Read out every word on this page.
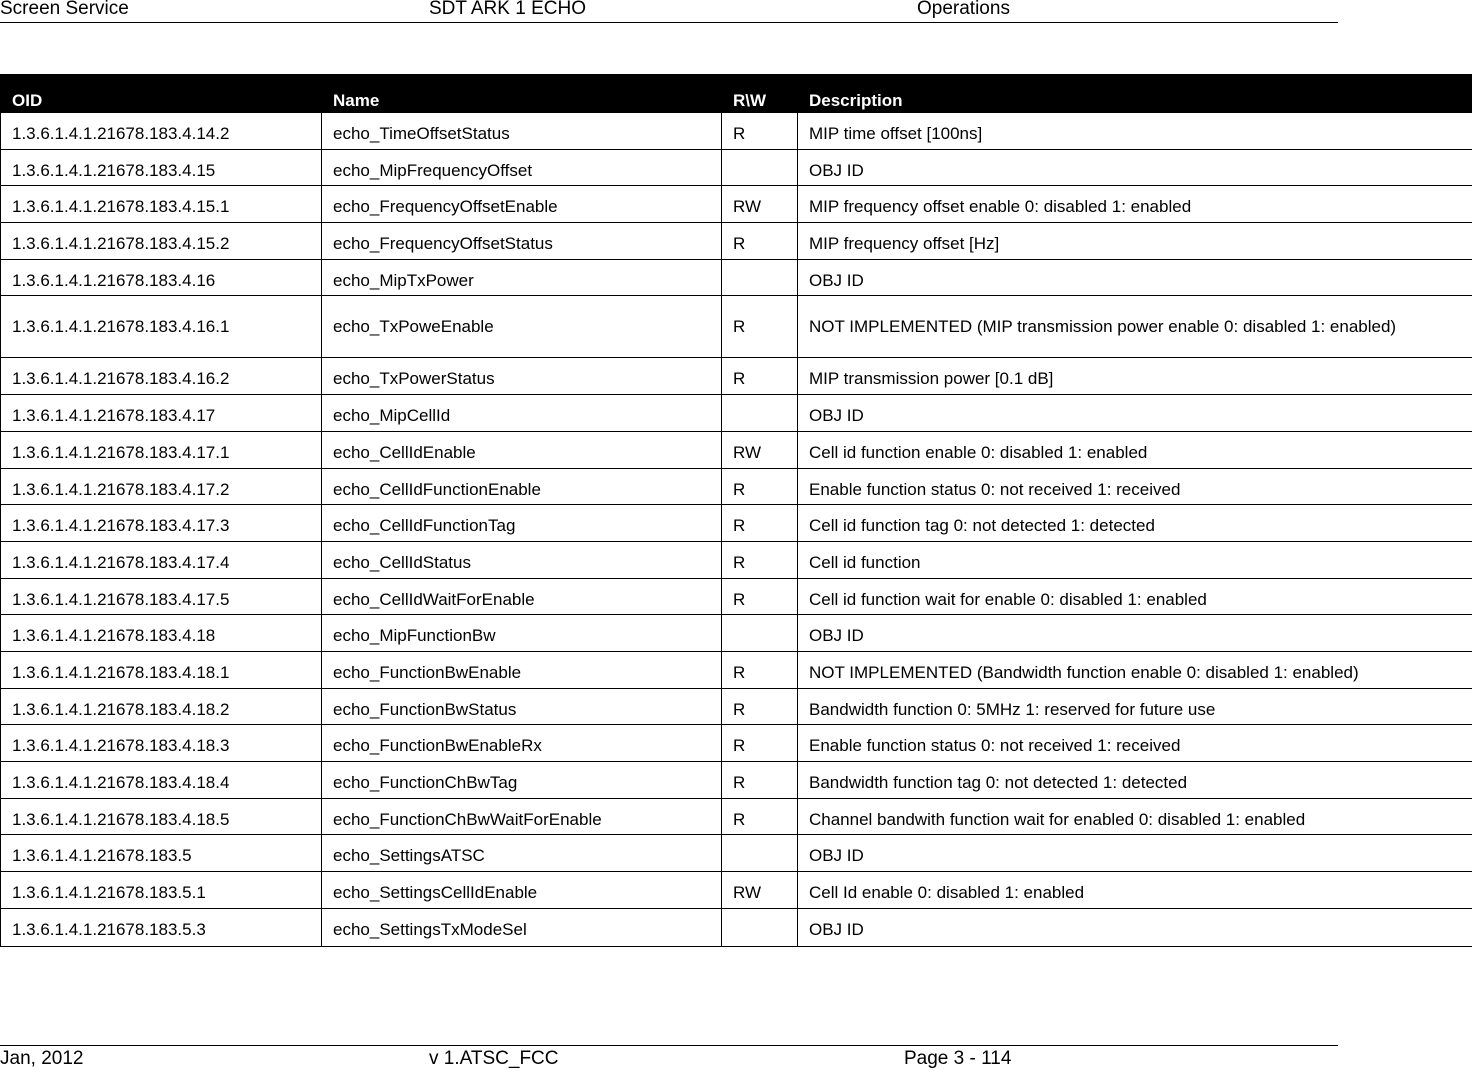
Screen Service	SDT ARK 1 ECHO	Operations
OID	Name	R\W	Description
1.3.6.1.4.1.21678.183.4.14.2	echo_TimeOffsetStatus	R	MIP time offset [100ns]
1.3.6.1.4.1.21678.183.4.15	echo_MipFrequencyOffset		OBJ ID
1.3.6.1.4.1.21678.183.4.15.1	echo_FrequencyOffsetEnable	RW	MIP frequency offset enable 0: disabled 1: enabled
1.3.6.1.4.1.21678.183.4.15.2	echo_FrequencyOffsetStatus	R	MIP frequency offset [Hz]
1.3.6.1.4.1.21678.183.4.16	echo_MipTxPower		OBJ ID
1.3.6.1.4.1.21678.183.4.16.1	echo_TxPoweEnable	R	NOT IMPLEMENTED (MIP transmission power enable 0: disabled 1: enabled)
1.3.6.1.4.1.21678.183.4.16.2	echo_TxPowerStatus	R	MIP transmission power [0.1 dB]
1.3.6.1.4.1.21678.183.4.17	echo_MipCellId		OBJ ID
1.3.6.1.4.1.21678.183.4.17.1	echo_CellIdEnable	RW	Cell id function enable 0: disabled 1: enabled
1.3.6.1.4.1.21678.183.4.17.2	echo_CellIdFunctionEnable	R	Enable function status 0: not received 1: received
1.3.6.1.4.1.21678.183.4.17.3	echo_CellIdFunctionTag	R	Cell id function tag 0: not detected 1: detected
1.3.6.1.4.1.21678.183.4.17.4	echo_CellIdStatus	R	Cell id function
1.3.6.1.4.1.21678.183.4.17.5	echo_CellIdWaitForEnable	R	Cell id function wait for enable 0: disabled 1: enabled
1.3.6.1.4.1.21678.183.4.18	echo_MipFunctionBw		OBJ ID
1.3.6.1.4.1.21678.183.4.18.1	echo_FunctionBwEnable	R	NOT IMPLEMENTED (Bandwidth function enable 0: disabled 1: enabled)
1.3.6.1.4.1.21678.183.4.18.2	echo_FunctionBwStatus	R	Bandwidth function 0: 5MHz 1: reserved for future use
1.3.6.1.4.1.21678.183.4.18.3	echo_FunctionBwEnableRx	R	Enable function status 0: not received 1: received
1.3.6.1.4.1.21678.183.4.18.4	echo_FunctionChBwTag	R	Bandwidth function tag 0: not detected 1: detected
1.3.6.1.4.1.21678.183.4.18.5	echo_FunctionChBwWaitForEnable	R	Channel bandwith function wait for enabled 0: disabled 1: enabled
1.3.6.1.4.1.21678.183.5	echo_SettingsATSC		OBJ ID
1.3.6.1.4.1.21678.183.5.1	echo_SettingsCellIdEnable	RW	Cell Id enable 0: disabled 1: enabled
1.3.6.1.4.1.21678.183.5.3	echo_SettingsTxModeSel		OBJ ID
Jan, 2012	v 1.ATSC_FCC	Page 3 - 114
